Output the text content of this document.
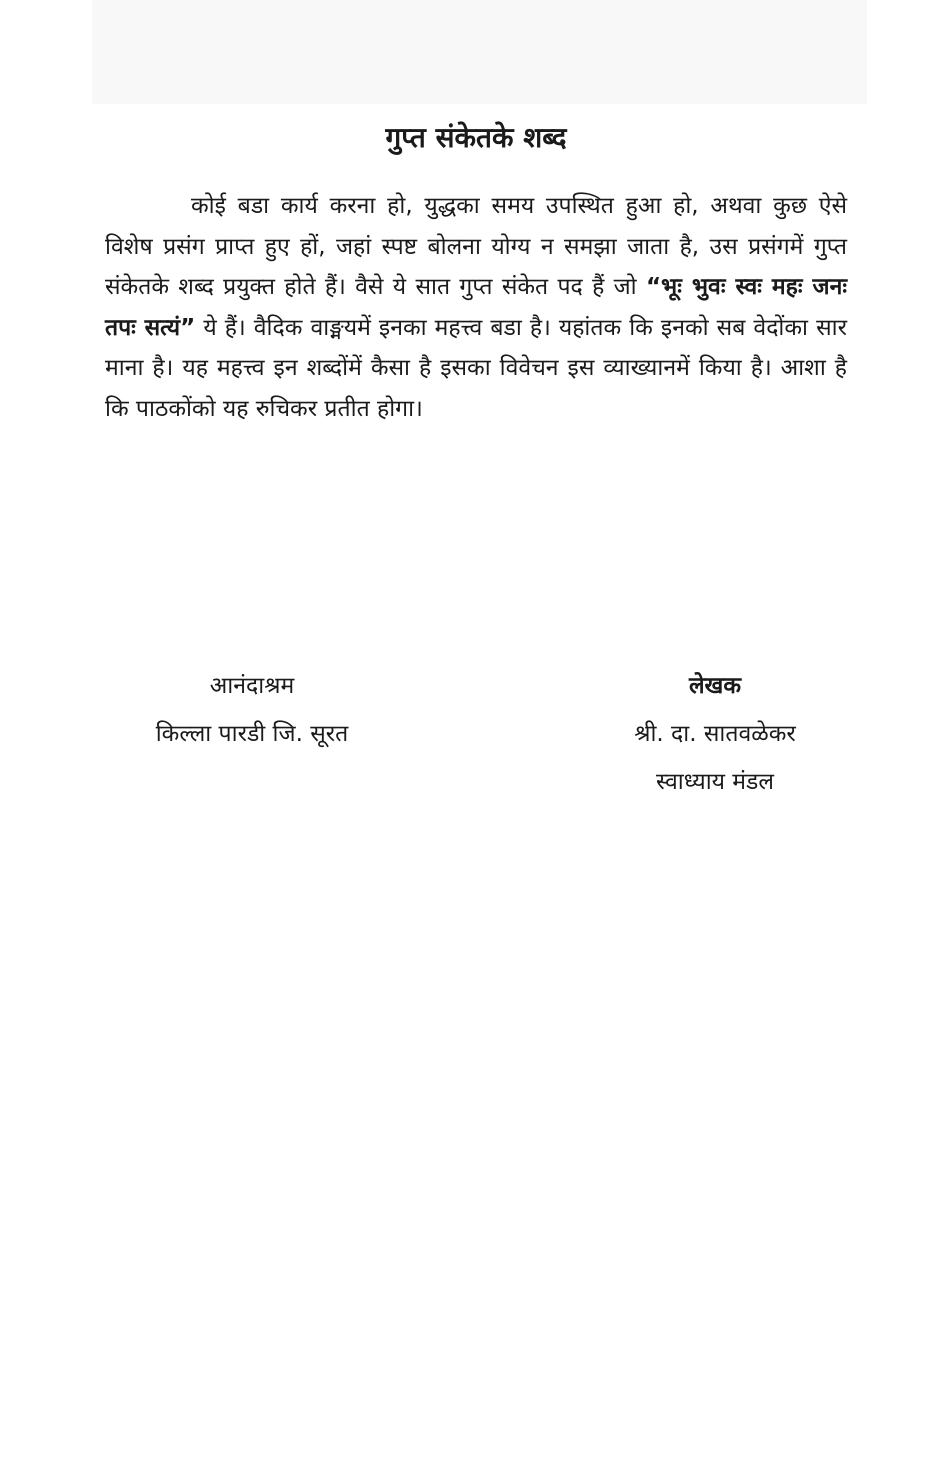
गुप्त संकेतके शब्द

कोई बडा कार्य करना हो, युद्धका समय उपस्थित हुआ हो, अथवा कुछ ऐसे विशेष प्रसंग प्राप्त हुए हों, जहां स्पष्ट बोलना योग्य न समझा जाता है, उस प्रसंगमें गुप्त संकेतके शब्द प्रयुक्त होते हैं। वैसे ये सात गुप्त संकेत पद हैं जो “भूः भुवः स्वः महः जनः तपः सत्यं” ये हैं। वैदिक वाङ्मयमें इनका महत्त्व बडा है। यहांतक कि इनको सब वेदोंका सार माना है। यह महत्त्व इन शब्दोंमें कैसा है इसका विवेचन इस व्याख्यानमें किया है। आशा है कि पाठकोंको यह रुचिकर प्रतीत होगा।

आनंदाश्रम
किल्ला पारडी जि. सूरत
लेखक
श्री. दा. सातवळेकर
स्वाध्याय मंडल
